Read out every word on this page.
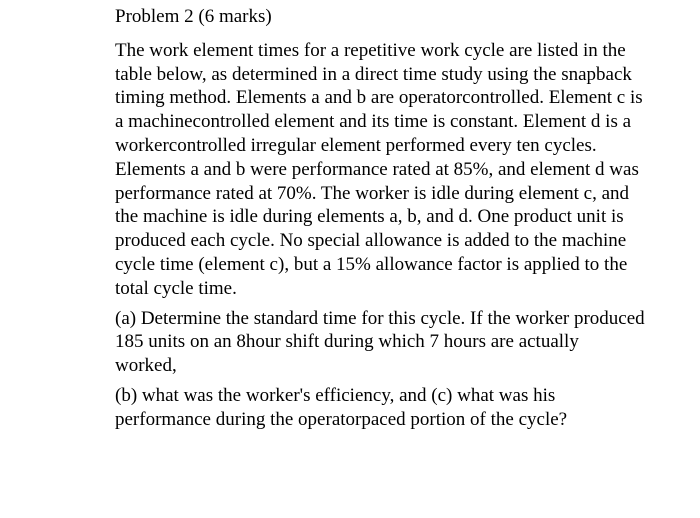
Problem 2 (6 marks)

The work element times for a repetitive work cycle are listed in the table below, as determined in a direct time study using the snapback timing method. Elements a and b are operatorcontrolled. Element c is a machinecontrolled element and its time is constant. Element d is a workercontrolled irregular element performed every ten cycles. Elements a and b were performance rated at 85%, and element d was performance rated at 70%. The worker is idle during element c, and the machine is idle during elements a, b, and d. One product unit is produced each cycle. No special allowance is added to the machine cycle time (element c), but a 15% allowance factor is applied to the total cycle time.

(a) Determine the standard time for this cycle. If the worker produced 185 units on an 8hour shift during which 7 hours are actually worked,

(b) what was the worker's efficiency, and (c) what was his performance during the operatorpaced portion of the cycle?
